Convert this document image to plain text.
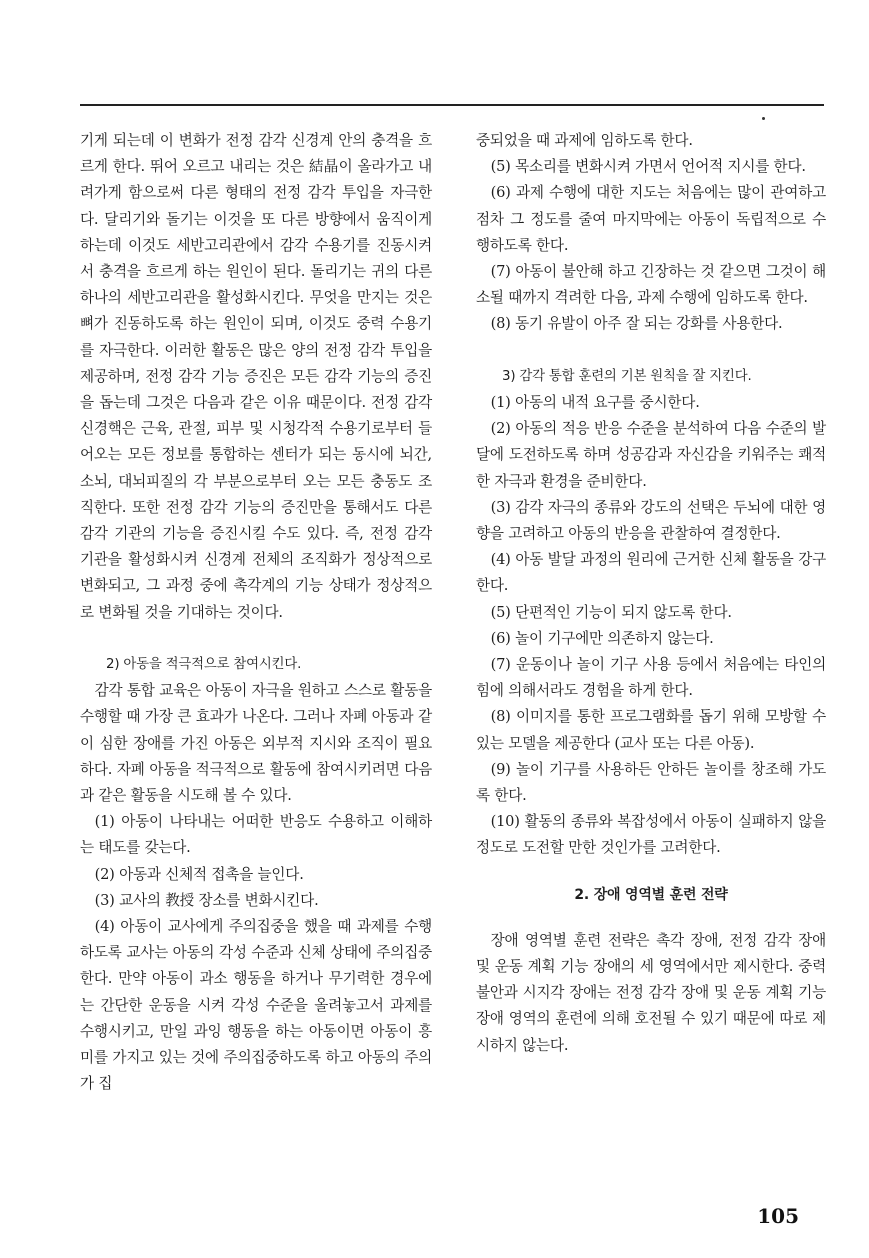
기게 되는데 이 변화가 전정 감각 신경계 안의 충격을 흐르게 한다. 뛰어 오르고 내리는 것은 結晶이 올라가고 내려가게 함으로써 다른 형태의 전정 감각 투입을 자극한다. 달리기와 돌기는 이것을 또 다른 방향에서 움직이게 하는데 이것도 세반고리관에서 감각 수용기를 진동시켜서 충격을 흐르게 하는 원인이 된다. 돌리기는 귀의 다른 하나의 세반고리관을 활성화시킨다. 무엇을 만지는 것은 뼈가 진동하도록 하는 원인이 되며, 이것도 중력 수용기를 자극한다. 이러한 활동은 많은 양의 전정 감각 투입을 제공하며, 전정 감각 기능 증진은 모든 감각 기능의 증진을 돕는데 그것은 다음과 같은 이유 때문이다. 전정 감각 신경핵은 근육, 관절, 피부 및 시청각적 수용기로부터 들어오는 모든 정보를 통합하는 센터가 되는 동시에 뇌간, 소뇌, 대뇌피질의 각 부분으로부터 오는 모든 충동도 조직한다. 또한 전정 감각 기능의 증진만을 통해서도 다른 감각 기관의 기능을 증진시킬 수도 있다. 즉, 전정 감각 기관을 활성화시켜 신경계 전체의 조직화가 정상적으로 변화되고, 그 과정 중에 촉각계의 기능 상태가 정상적으로 변화될 것을 기대하는 것이다.

2) 아동을 적극적으로 참여시킨다.

감각 통합 교육은 아동이 자극을 원하고 스스로 활동을 수행할 때 가장 큰 효과가 나온다. 그러나 자폐 아동과 같이 심한 장애를 가진 아동은 외부적 지시와 조직이 필요하다. 자폐 아동을 적극적으로 활동에 참여시키려면 다음과 같은 활동을 시도해 볼 수 있다.

(1) 아동이 나타내는 어떠한 반응도 수용하고 이해하는 태도를 갖는다.

(2) 아동과 신체적 접촉을 늘인다.

(3) 교사의 教授 장소를 변화시킨다.

(4) 아동이 교사에게 주의집중을 했을 때 과제를 수행하도록 교사는 아동의 각성 수준과 신체 상태에 주의집중한다. 만약 아동이 과소 행동을 하거나 무기력한 경우에는 간단한 운동을 시켜 각성 수준을 올려놓고서 과제를 수행시키고, 만일 과잉 행동을 하는 아동이면 아동이 흥미를 가지고 있는 것에 주의집중하도록 하고 아동의 주의가 집

중되었을 때 과제에 임하도록 한다.

(5) 목소리를 변화시켜 가면서 언어적 지시를 한다.

(6) 과제 수행에 대한 지도는 처음에는 많이 관여하고 점차 그 정도를 줄여 마지막에는 아동이 독립적으로 수행하도록 한다.

(7) 아동이 불안해 하고 긴장하는 것 같으면 그것이 해소될 때까지 격려한 다음, 과제 수행에 임하도록 한다.

(8) 동기 유발이 아주 잘 되는 강화를 사용한다.

3) 감각 통합 훈련의 기본 원칙을 잘 지킨다.

(1) 아동의 내적 요구를 중시한다.

(2) 아동의 적응 반응 수준을 분석하여 다음 수준의 발달에 도전하도록 하며 성공감과 자신감을 키워주는 쾌적한 자극과 환경을 준비한다.

(3) 감각 자극의 종류와 강도의 선택은 두뇌에 대한 영향을 고려하고 아동의 반응을 관찰하여 결정한다.

(4) 아동 발달 과정의 원리에 근거한 신체 활동을 강구한다.

(5) 단편적인 기능이 되지 않도록 한다.

(6) 놀이 기구에만 의존하지 않는다.

(7) 운동이나 놀이 기구 사용 등에서 처음에는 타인의 힘에 의해서라도 경험을 하게 한다.

(8) 이미지를 통한 프로그램화를 돕기 위해 모방할 수 있는 모델을 제공한다 (교사 또는 다른 아동).

(9) 놀이 기구를 사용하든 안하든 놀이를 창조해 가도록 한다.

(10) 활동의 종류와 복잡성에서 아동이 실패하지 않을 정도로 도전할 만한 것인가를 고려한다.

2. 장애 영역별 훈련 전략

장애 영역별 훈련 전략은 촉각 장애, 전정 감각 장애 및 운동 계획 기능 장애의 세 영역에서만 제시한다. 중력 불안과 시지각 장애는 전정 감각 장애 및 운동 계획 기능 장애 영역의 훈련에 의해 호전될 수 있기 때문에 따로 제시하지 않는다.

105
